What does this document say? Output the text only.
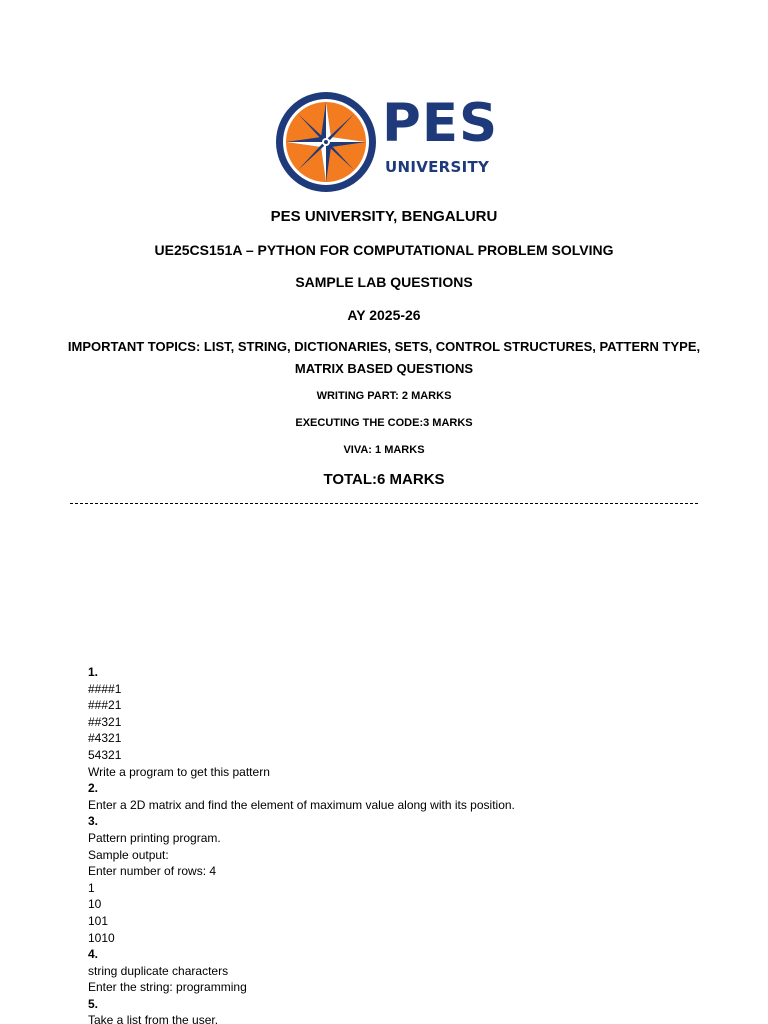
PES
UNIVERSITY
PES UNIVERSITY, BENGALURU
UE25CS151A – PYTHON FOR COMPUTATIONAL PROBLEM SOLVING
SAMPLE LAB QUESTIONS
AY 2025-26
IMPORTANT TOPICS: LIST, STRING, DICTIONARIES, SETS, CONTROL STRUCTURES, PATTERN TYPE, MATRIX BASED QUESTIONS
WRITING PART: 2 MARKS
EXECUTING THE CODE:3 MARKS
VIVA: 1 MARKS
TOTAL:6 MARKS
1.
####1
###21
##321
#4321
54321
Write a program to get this pattern
2.
Enter a 2D matrix and find the element of maximum value along with its position.
3.
Pattern printing program.
Sample output:
Enter number of rows: 4
1
10
101
1010
4.
string duplicate characters
Enter the string: programming
5.
Take a list from the user.
